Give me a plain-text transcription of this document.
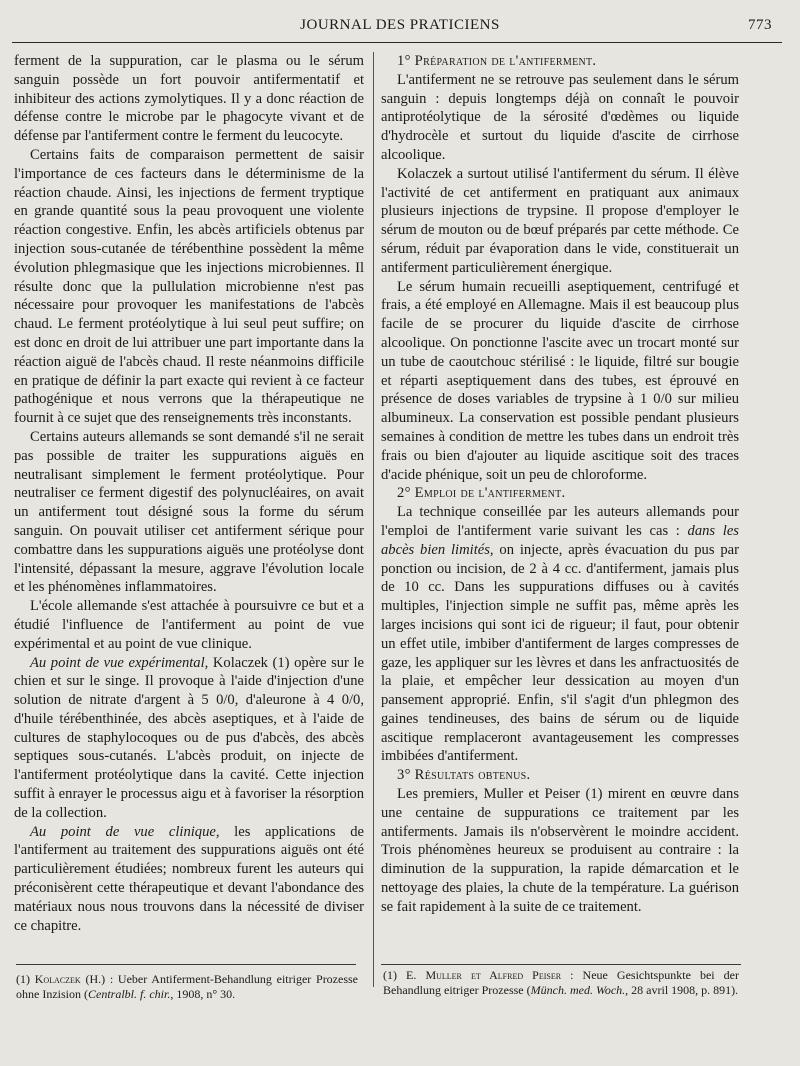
JOURNAL DES PRATICIENS	773

ferment de la suppuration, car le plasma ou le sérum sanguin possède un fort pouvoir antifermentatif et inhibiteur des actions zymolytiques. Il y a donc réaction de défense contre le microbe par le phagocyte vivant et de défense par l'antiferment contre le ferment du leucocyte.

Certains faits de comparaison permettent de saisir l'importance de ces facteurs dans le déterminisme de la réaction chaude. Ainsi, les injections de ferment tryptique en grande quantité sous la peau provoquent une violente réaction congestive. Enfin, les abcès artificiels obtenus par injection sous-cutanée de térébenthine possèdent la même évolution phlegmasique que les injections microbiennes. Il résulte donc que la pullulation microbienne n'est pas nécessaire pour provoquer les manifestations de l'abcès chaud. Le ferment protéolytique à lui seul peut suffire; on est donc en droit de lui attribuer une part importante dans la réaction aiguë de l'abcès chaud. Il reste néanmoins difficile en pratique de définir la part exacte qui revient à ce facteur pathogénique et nous verrons que la thérapeutique ne fournit à ce sujet que des renseignements très inconstants.

Certains auteurs allemands se sont demandé s'il ne serait pas possible de traiter les suppurations aiguës en neutralisant simplement le ferment protéolytique. Pour neutraliser ce ferment digestif des polynucléaires, on avait un antiferment tout désigné sous la forme du sérum sanguin. On pouvait utiliser cet antiferment sérique pour combattre dans les suppurations aiguës une protéolyse dont l'intensité, dépassant la mesure, aggrave l'évolution locale et les phénomènes inflammatoires.

L'école allemande s'est attachée à poursuivre ce but et a étudié l'influence de l'antiferment au point de vue expérimental et au point de vue clinique.

Au point de vue expérimental, Kolaczek (1) opère sur le chien et sur le singe. Il provoque à l'aide d'injection d'une solution de nitrate d'argent à 5 0/0, d'aleurone à 4 0/0, d'huile térébenthinée, des abcès aseptiques, et à l'aide de cultures de staphylocoques ou de pus d'abcès, des abcès septiques sous-cutanés. L'abcès produit, on injecte de l'antiferment protéolytique dans la cavité. Cette injection suffit à enrayer le processus aigu et à favoriser la résorption de la collection.

Au point de vue clinique, les applications de l'antiferment au traitement des suppurations aiguës ont été particulièrement étudiées; nombreux furent les auteurs qui préconisèrent cette thérapeutique et devant l'abondance des matériaux nous nous trouvons dans la nécessité de diviser ce chapitre.

1° Préparation de l'antiferment.

L'antiferment ne se retrouve pas seulement dans le sérum sanguin : depuis longtemps déjà on connaît le pouvoir antiprotéolytique de la sérosité d'œdèmes ou liquide d'hydrocèle et surtout du liquide d'ascite de cirrhose alcoolique.

Kolaczek a surtout utilisé l'antiferment du sérum. Il élève l'activité de cet antiferment en pratiquant aux animaux plusieurs injections de trypsine. Il propose d'employer le sérum de mouton ou de bœuf préparés par cette méthode. Ce sérum, réduit par évaporation dans le vide, constituerait un antiferment particulièrement énergique.

Le sérum humain recueilli aseptiquement, centrifugé et frais, a été employé en Allemagne. Mais il est beaucoup plus facile de se procurer du liquide d'ascite de cirrhose alcoolique. On ponctionne l'ascite avec un trocart monté sur un tube de caoutchouc stérilisé : le liquide, filtré sur bougie et réparti aseptiquement dans des tubes, est éprouvé en présence de doses variables de trypsine à 1 0/0 sur milieu albumineux. La conservation est possible pendant plusieurs semaines à condition de mettre les tubes dans un endroit très frais ou bien d'ajouter au liquide ascitique soit des traces d'acide phénique, soit un peu de chloroforme.

2° Emploi de l'antiferment.

La technique conseillée par les auteurs allemands pour l'emploi de l'antiferment varie suivant les cas : dans les abcès bien limités, on injecte, après évacuation du pus par ponction ou incision, de 2 à 4 cc. d'antiferment, jamais plus de 10 cc. Dans les suppurations diffuses ou à cavités multiples, l'injection simple ne suffit pas, même après les larges incisions qui sont ici de rigueur; il faut, pour obtenir un effet utile, imbiber d'antiferment de larges compresses de gaze, les appliquer sur les lèvres et dans les anfractuosités de la plaie, et empêcher leur dessication au moyen d'un pansement approprié. Enfin, s'il s'agit d'un phlegmon des gaines tendineuses, des bains de sérum ou de liquide ascitique remplaceront avantageusement les compresses imbibées d'antiferment.

3° Résultats obtenus.

Les premiers, Muller et Peiser (1) mirent en œuvre dans une centaine de suppurations ce traitement par les antiferments. Jamais ils n'observèrent le moindre accident. Trois phénomènes heureux se produisent au contraire : la diminution de la suppuration, la rapide démarcation et le nettoyage des plaies, la chute de la température. La guérison se fait rapidement à la suite de ce traitement.

(1) Kolaczek (H.) : Ueber Antiferment-Behandlung eitriger Prozesse ohne Inzision (Centralbl. f. chir., 1908, n° 30.
(1) E. Muller et Alfred Peiser : Neue Gesichtspunkte bei der Behandlung eitriger Prozesse (Münch. med. Woch., 28 avril 1908, p. 891).
